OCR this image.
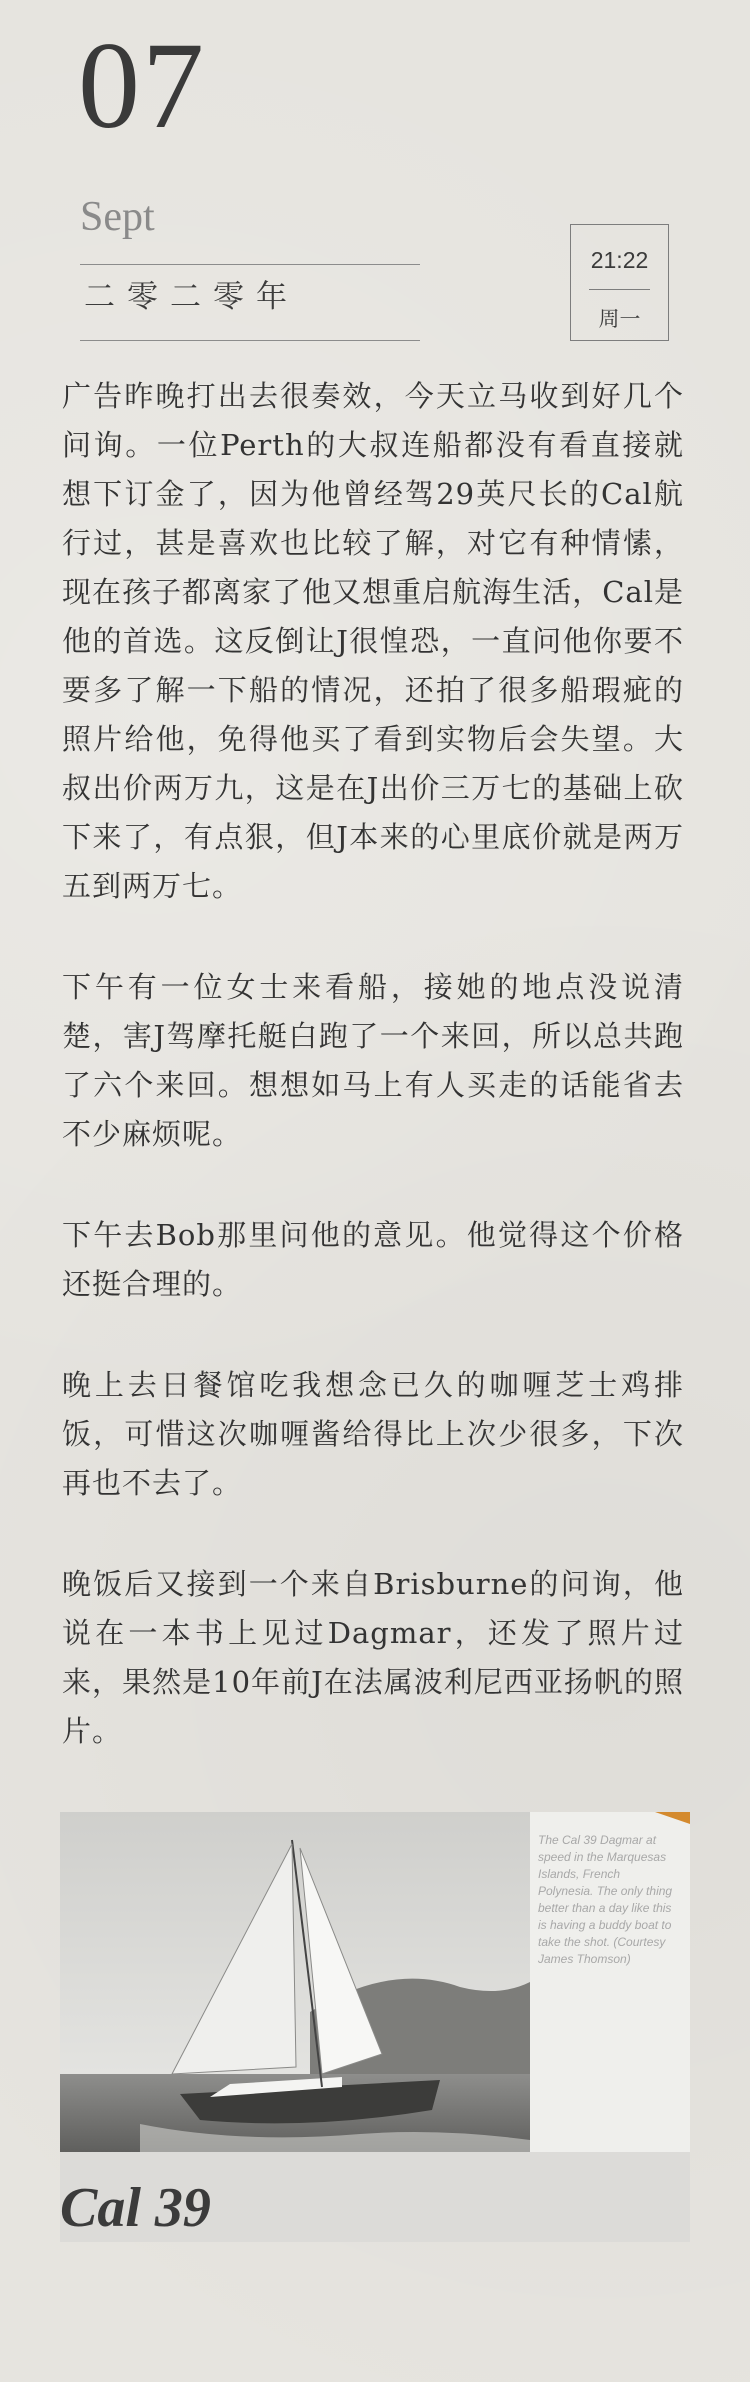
07
Sept
二零二零年
21:22
周一

广告昨晚打出去很奏效，今天立马收到好几个问询。一位Perth的大叔连船都没有看直接就想下订金了，因为他曾经驾29英尺长的Cal航行过，甚是喜欢也比较了解，对它有种情愫，现在孩子都离家了他又想重启航海生活，Cal是他的首选。这反倒让J很惶恐，一直问他你要不要多了解一下船的情况，还拍了很多船瑕疵的照片给他，免得他买了看到实物后会失望。大叔出价两万九，这是在J出价三万七的基础上砍下来了，有点狠，但J本来的心里底价就是两万五到两万七。

下午有一位女士来看船，接她的地点没说清楚，害J驾摩托艇白跑了一个来回，所以总共跑了六个来回。想想如马上有人买走的话能省去不少麻烦呢。

下午去Bob那里问他的意见。他觉得这个价格还挺合理的。

晚上去日餐馆吃我想念已久的咖喱芝士鸡排饭，可惜这次咖喱酱给得比上次少很多，下次再也不去了。

晚饭后又接到一个来自Brisburne的问询，他说在一本书上见过Dagmar，还发了照片过来，果然是10年前J在法属波利尼西亚扬帆的照片。

The Cal 39 Dagmar at speed in the Marquesas Islands, French Polynesia. The only thing better than a day like this is having a buddy boat to take the shot. (Courtesy James Thomson)
Cal 39
